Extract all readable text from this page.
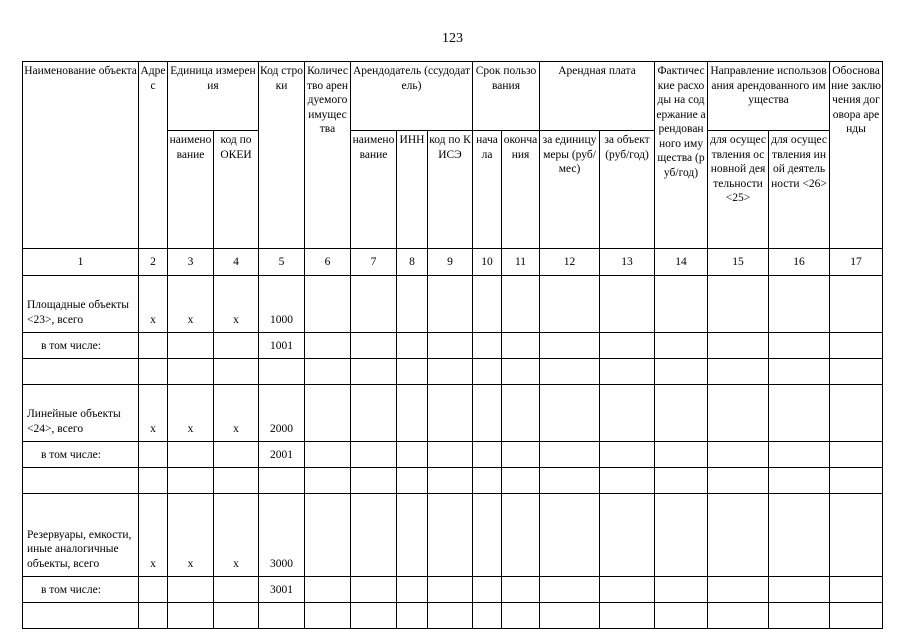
123
Наименование объекта	Адрес	Единица измерения		Код строки	Количество арендуемого имущества	Арендодатель (ссудодатель)			Срок пользования		Арендная плата		Фактические расходы на содержание арендованного имущества (руб/год)	Направление использования арендованного имущества		Обоснование заключения договора аренды
		наименование	код по ОКЕИ			наименование	ИНН	код по КИСЭ	начала	окончания	за единицу меры (руб/мес)	за объект (руб/год)		для осуществления основной деятельности <25>	для осуществления иной деятельности <26>	
1	2	3	4	5	6	7	8	9	10	11	12	13	14	15	16	17
Площадные объекты <23>, всего	х	х	х	1000												
в том числе:				1001												

Линейные объекты <24>, всего	х	х	х	2000												
в том числе:				2001												

Резервуары, емкости, иные аналогичные объекты, всего	х	х	х	3000												
в том числе:				3001												
